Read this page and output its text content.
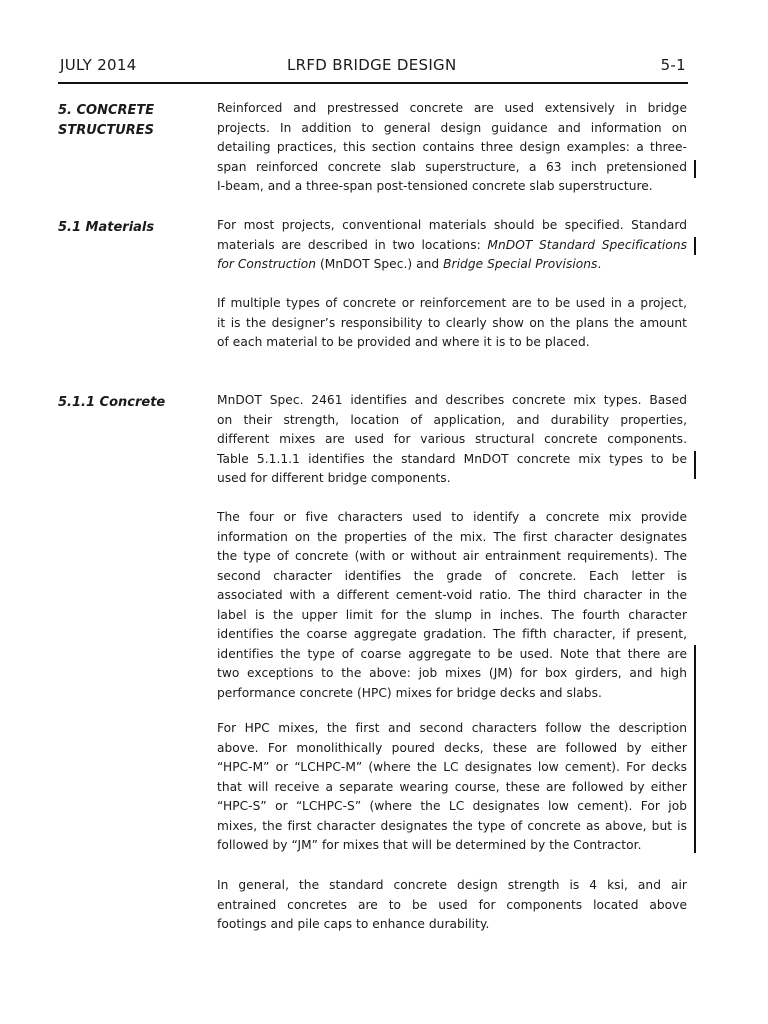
JULY 2014	LRFD BRIDGE DESIGN	5-1
5. CONCRETE
STRUCTURES
Reinforced and prestressed concrete are used extensively in bridge
projects. In addition to general design guidance and information on
detailing practices, this section contains three design examples: a three-
span reinforced concrete slab superstructure, a 63 inch pretensioned
I-beam, and a three-span post-tensioned concrete slab superstructure.
5.1 Materials	For most projects, conventional materials should be specified. Standard
materials are described in two locations: MnDOT Standard Specifications
for Construction (MnDOT Spec.) and Bridge Special Provisions.
If multiple types of concrete or reinforcement are to be used in a project,
it is the designer’s responsibility to clearly show on the plans the amount
of each material to be provided and where it is to be placed.
5.1.1 Concrete	MnDOT Spec. 2461 identifies and describes concrete mix types. Based
on their strength, location of application, and durability properties,
different mixes are used for various structural concrete components.
Table 5.1.1.1 identifies the standard MnDOT concrete mix types to be
used for different bridge components.
The four or five characters used to identify a concrete mix provide
information on the properties of the mix. The first character designates
the type of concrete (with or without air entrainment requirements). The
second character identifies the grade of concrete. Each letter is
associated with a different cement-void ratio. The third character in the
label is the upper limit for the slump in inches. The fourth character
identifies the coarse aggregate gradation. The fifth character, if present,
identifies the type of coarse aggregate to be used. Note that there are
two exceptions to the above: job mixes (JM) for box girders, and high
performance concrete (HPC) mixes for bridge decks and slabs.
For HPC mixes, the first and second characters follow the description
above. For monolithically poured decks, these are followed by either
“HPC-M” or “LCHPC-M” (where the LC designates low cement). For decks
that will receive a separate wearing course, these are followed by either
“HPC-S” or “LCHPC-S” (where the LC designates low cement). For job
mixes, the first character designates the type of concrete as above, but is
followed by “JM” for mixes that will be determined by the Contractor.
In general, the standard concrete design strength is 4 ksi, and air
entrained concretes are to be used for components located above
footings and pile caps to enhance durability.
